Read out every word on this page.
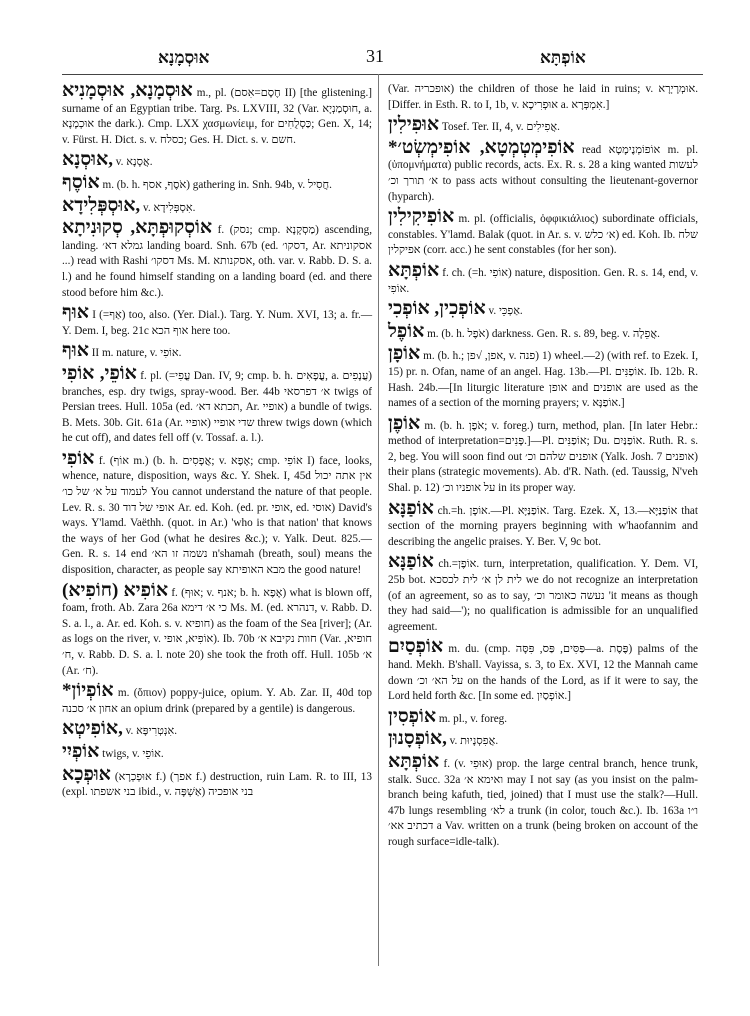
אוּסְמָנָא	31	אוֹפְתָּא
אוּסְמָנָא, אוּסְמָנִיא m., pl. (חֶסֶם=אִסם II) [the glistening.] surname of an Egyptian tribe. Targ. Ps. LXVIII, 32 (Var. חוּסְמַנְיָא, a. אוּכְמָנָא the dark.). Cmp. LXX χασμωνίειμ, for כַּסְלֻחִים; Gen. X, 14; v. Fürst. H. Dict. s. v. כסלח; Ges. H. Dict. s. v. חשם.
אוּסְנָא, v. אֲסָנָא.
אוֹסֶף m. (b. h. אֹסֶף, אסף) gathering in. Snh. 94b, v. חֲסִיל.
אוּסְפְּלִידָא, v. אִסְפְּלִידָא.
אוֹסְקוּפְתָּא, סְקוּנִיתָא f. (נסק; cmp. מַסְקָנָא) ascending, landing. גמלא דא׳ landing board. Snh. 67b (ed. דסקו׳, Ar. אסקוניתא ...) read with Rashi דסקו׳ Ms. M. אסקנותא, oth. var. v. Rabb. D. S. a. l.) and he found himself standing on a landing board (ed. and there stood before him &c.).
אוּף I (=אַף) too, also. (Yer. Dial.). Targ. Y. Num. XVI, 13; a. fr.—Y. Dem. I, beg. 21c אוף הכא here too.
אוּף II m. nature, v. אוֹפִי.
אוֹפֵי, אוֹפִי f. pl. (=עֳפִי Dan. IV, 9; cmp. b. h. עֳפָאִים, a. עֲנָפִים) branches, esp. dry twigs, spray-wood. Ber. 44b א׳ דפרסאי twigs of Persian trees. Hull. 105a (ed. תכתא דא׳, Ar. אופיי) a bundle of twigs. B. Mets. 30b. Git. 61a (Ar. אופיי) שדי אופיי threw twigs down (which he cut off), and dates fell off (v. Tossaf. a. l.).
אוֹפִי f. (אוֹף m.) (b. h. אֲפָסִים; v. אֶפֶא; cmp. אוֹפִי I) face, looks, whence, nature, disposition, ways &c. Y. Shek. I, 45d אין אתה יכול לעמוד על א׳ של כו׳ You cannot understand the nature of that people. Lev. R. s. 30 אופי של דוד Ar. ed. Koh. (ed. pr. אופי, ed. אוסי) David's ways. Y'lamd. Vaëthh. (quot. in Ar.) 'who is that nation' that knows the ways of her God (what he desires &c.); v. Yalk. Deut. 825.—Gen. R. s. 14 end נשמה זו הא׳ n'shamah (breath, soul) means the disposition, character, as people say מבא האופיתא the good nature!
אוֹפִיא (חוֹפִיא) f. (אוּף; v. אנף; b. h. אֶפֶא) what is blown off, foam, froth. Ab. Zara 26a כי א׳ דימא Ms. M. (ed. דנהרא, v. Rabb. D. S. a. l., a. Ar. ed. Koh. s. v. חופיא) as the foam of the Sea [river]; (Ar. as logs on the river, v. אוֹפִיא, אופי). Ib. 70b חוות נקיבא א׳ (Var. חופיא, ח׳, v. Rabb. D. S. a. l. note 20) she took the froth off. Hull. 105b א׳ (Ar. ח׳).
*אוֹפְיוֹן m. (ὄπιον) poppy-juice, opium. Y. Ab. Zar. II, 40d top אחון א׳ סכנה an opium drink (prepared by a gentile) is dangerous.
אוֹפִיטְא, v. אִנְטְרִיפָּא.
אוֹפְיִי twigs, v. אוֹפֵי.
אוּפְכָא (אוּפְכְרָא f.) (אפך f.) destruction, ruin Lam. R. to III, 13 (expl. בני אשפתו ibid., v. אַשְׁפָּה) בני אופכיה
(Var. אופכריה) the children of those he laid in ruins; v. אוּמְרָיְרָא. [Differ. in Esth. R. to I, 1b, v. אוּפְרִיכָא a. אִמְפְּרָא.]
אוּפִילִין Tosef. Ter. II, 4, v. אֲפִילִים.
*אוֹפִימְטְמְטָא, אוֹפִימְשְׂט׳ read אוֹפוֹמְנֶימָטָא m. pl. (ὑπομνήματα) public records, acts. Ex. R. s. 28 a king wanted לעשות א׳ תורך וכ׳ to pass acts without consulting the lieutenant-governor (hyparch).
אוֹפִיקִילִין m. pl. (officialis, ὀφφικιάλιος) subordinate officials, constables. Y'lamd. Balak (quot. in Ar. s. v. א׳ כלש) ed. Koh. Ib. שלח אפיקלין (corr. acc.) he sent constables (for her son).
אוֹפְתָּא f. ch. (=h. אוֹפִי) nature, disposition. Gen. R. s. 14, end, v. אוֹפִי.
אוֹפְכִין, אוֹפְכִי v. אַפְכֵּי.
אוֹפֶל m. (b. h. אֹפֶל) darkness. Gen. R. s. 89, beg. v. אֲפֵלָה.
אוֹפָן m. (b. h.; אפן, √פן, v. פנה) 1) wheel.—2) (with ref. to Ezek. I, 15) pr. n. Ofan, name of an angel. Hag. 13b.—Pl. אוֹפַנִּים. Ib. 12b. R. Hash. 24b.—[In liturgic literature אופן and אופנים are used as the names of a section of the morning prayers; v. אוֹפַנָּא.]
אוֹפֶן m. (b. h. אֹפֶן; v. foreg.) turn, method, plan. [In later Hebr.: method of interpretation=פָּנִים.]—Pl. אוֹפַנִּים; Du. אוֹפַנַּיִם. Ruth. R. s. 2, beg. You will soon find out אופנים שלהם וכ׳ (Yalk. Josh. 7 אופנים) their plans (strategic movements). Ab. d'R. Nath. (ed. Taussig, N'veh Shal. p. 12) על אופניו וכ׳ in its proper way.
אוֹפַנָּא ch.=h. אוֹפָן.—Pl. אוֹפַנַּיָּא. Targ. Ezek. X, 13.—אוֹפַנַּיָּא that section of the morning prayers beginning with w'haofannim and describing the angelic praises. Y. Ber. V, 9c bot.
אוֹפַנָּא ch.=אוֹפֶן. turn, interpretation, qualification. Y. Dem. VI, 25b bot. לית לן א׳ לית לכסכא we do not recognize an interpretation (of an agreement, so as to say, נעשה כאומר וכ׳ 'it means as though they had said—'); no qualification is admissible for an unqualified agreement.
אוֹפְסַיִם m. du. (cmp. פַּסִּים, פַּס, פִּסָּה—a. פֶּסֶת) palms of the hand. Mekh. B'shall. Vayissa, s. 3, to Ex. XVI, 12 the Mannah came down על הא׳ וכ׳ on the hands of the Lord, as if it were to say, the Lord held forth &c. [In some ed. אוֹפְסַיִן.]
אוֹפְסִין m. pl., v. foreg.
אוֹפְסָנוּן, v. אֲפִסְנָיוּת.
אוֹפְתָּא f. (v. אוּפִי) prop. the large central branch, hence trunk, stalk. Succ. 32a ואימא א׳ may I not say (as you insist on the palm-branch being kafuth, tied, joined) that I must use the stalk?—Hull. 47b lungs resembling לא׳ a trunk (in color, touch &c.). Ib. 163a ו״ו דכתיב אא׳ a Vav. written on a trunk (being broken on account of the rough surface=idle-talk).
